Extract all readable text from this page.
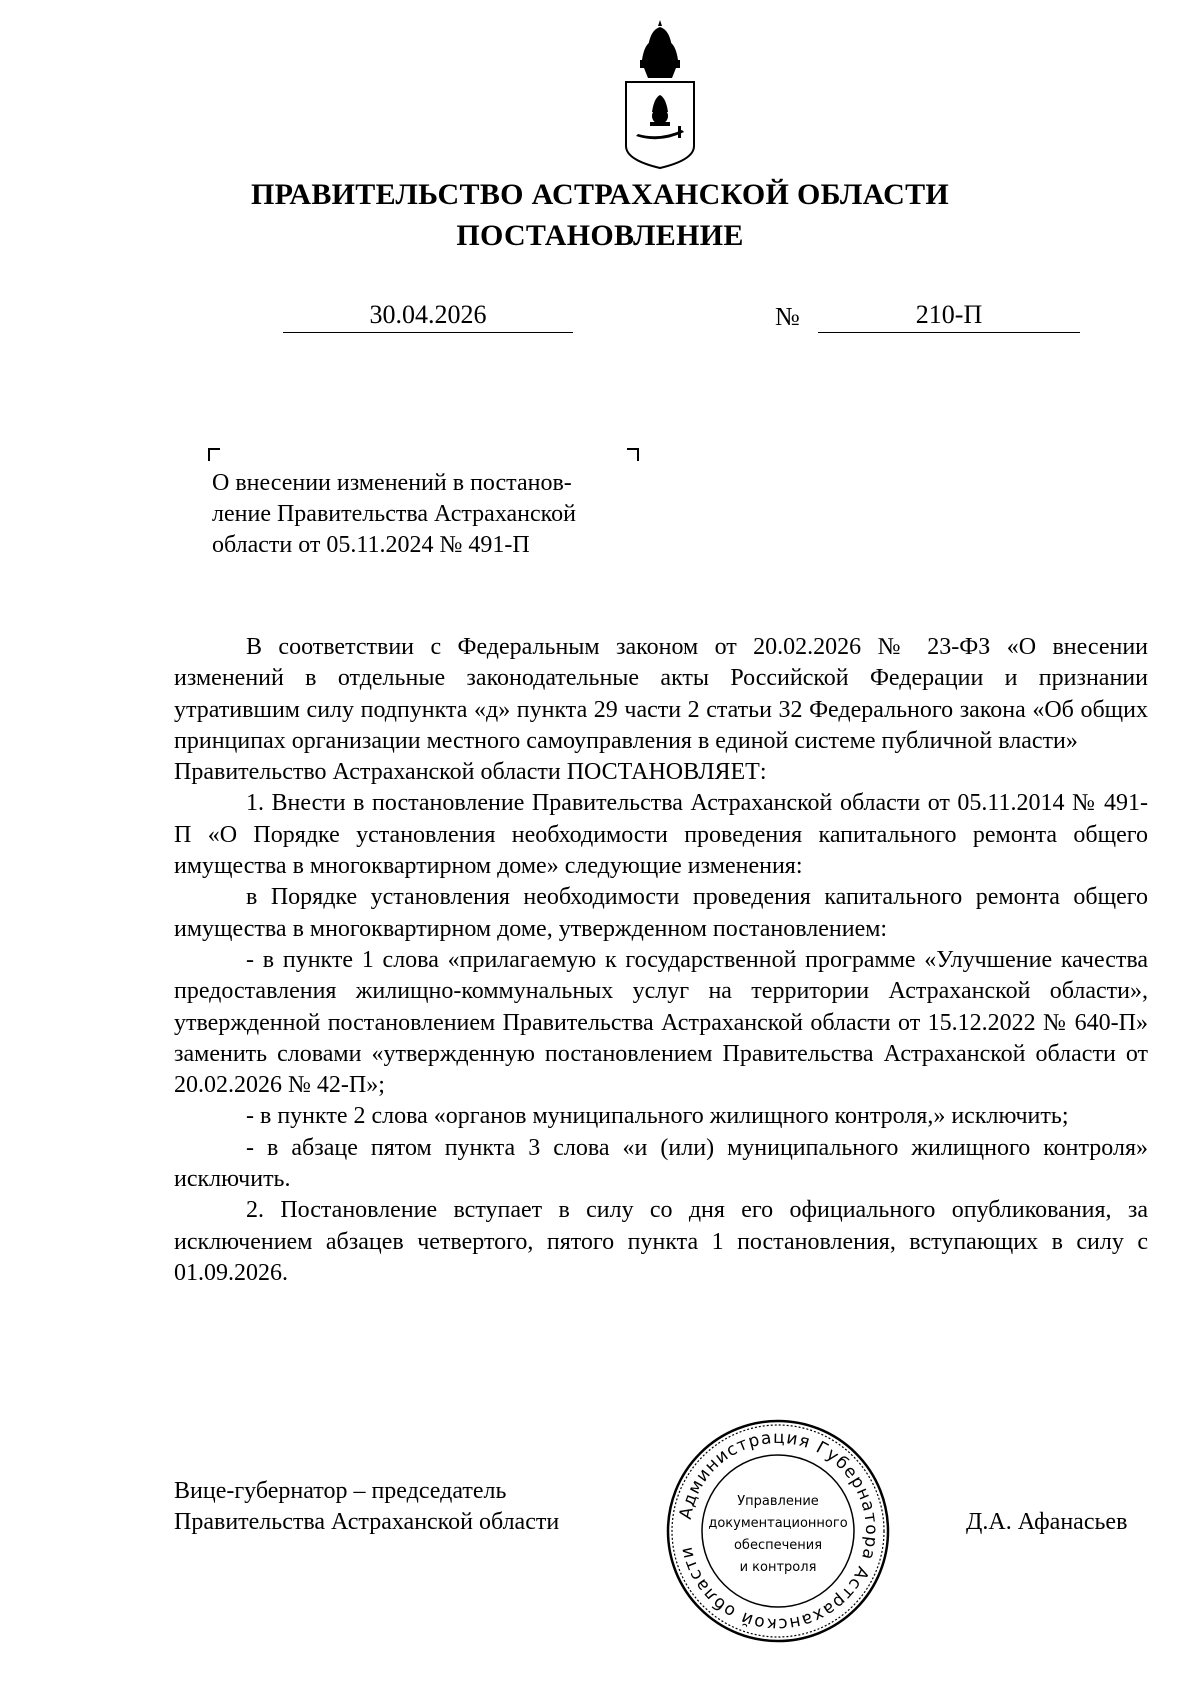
ПРАВИТЕЛЬСТВО АСТРАХАНСКОЙ ОБЛАСТИ
ПОСТАНОВЛЕНИЕ
30.04.2026	№	210-П
О внесении изменений в постанов-
ление Правительства Астраханской
области от 05.11.2024 № 491-П

В соответствии с Федеральным законом от 20.02.2026 № 23-ФЗ «О внесении изменений в отдельные законодательные акты Российской Федерации и признании утратившим силу подпункта «д» пункта 29 части 2 статьи 32 Федерального закона «Об общих принципах организации местного самоуправления в единой системе публичной власти»

Правительство Астраханской области ПОСТАНОВЛЯЕТ:

1. Внести в постановление Правительства Астраханской области от 05.11.2014 № 491-П «О Порядке установления необходимости проведения капитального ремонта общего имущества в многоквартирном доме» следующие изменения:

в Порядке установления необходимости проведения капитального ремонта общего имущества в многоквартирном доме, утвержденном постановлением:

- в пункте 1 слова «прилагаемую к государственной программе «Улучшение качества предоставления жилищно-коммунальных услуг на территории Астраханской области», утвержденной постановлением Правительства Астраханской области от 15.12.2022 № 640-П» заменить словами «утвержденную постановлением Правительства Астраханской области от 20.02.2026 № 42-П»;

- в пункте 2 слова «органов муниципального жилищного контроля,» исключить;

- в абзаце пятом пункта 3 слова «и (или) муниципального жилищного контроля» исключить.

2. Постановление вступает в силу со дня его официального опубликования, за исключением абзацев четвертого, пятого пункта 1 постановления, вступающих в силу с 01.09.2026.

Вице-губернатор – председатель
Правительства Астраханской области	Д.А. Афанасьев
Администрация Губернатора Астраханской области
Управление
документационного
обеспечения
и контроля
